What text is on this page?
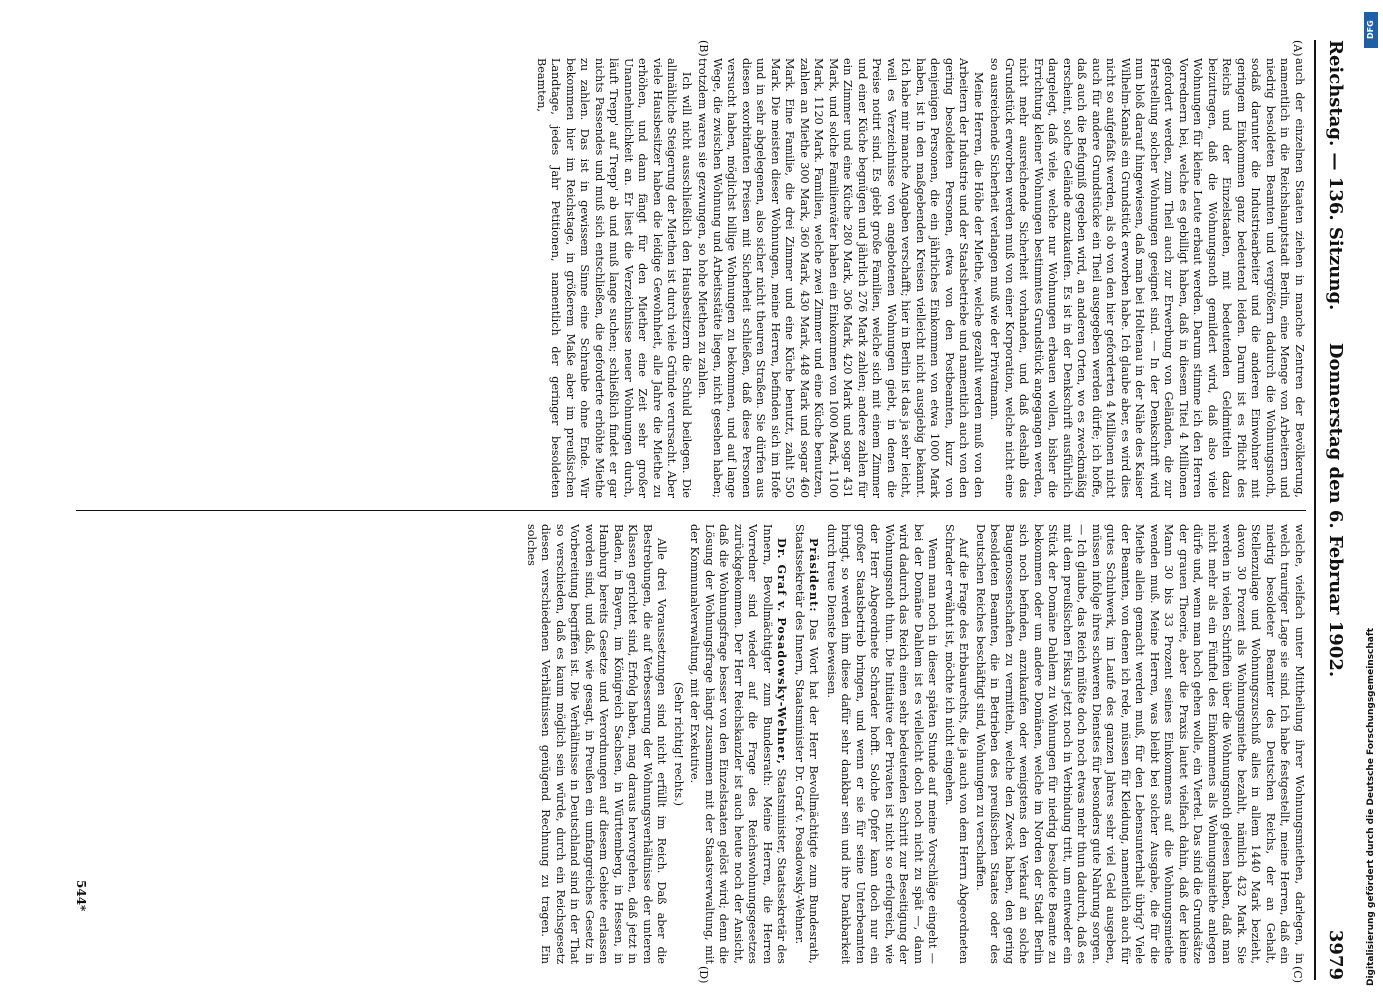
Reichstag. — 136. Sitzung.
Donnerstag den 6. Februar 1902.
3979
(A)
(B)
(C)
(D)

auch der einzelnen Staaten ziehen in manche Zentren der Bevölkerung, namentlich in die Reichshauptstadt Berlin, eine Menge von Arbeitern und niedrig besoldeten Beamten und vergrößern dadurch die Wohnungsnoth, sodaß darunter die Industriearbeiter und die anderen Einwohner mit geringem Einkommen ganz bedeutend leiden. Darum ist es Pflicht des Reichs und der Einzelstaaten, mit bedeutenden Geldmitteln dazu beizutragen, daß die Wohnungsnoth gemildert wird, daß also viele Wohnungen für kleine Leute erbaut werden. Darum stimme ich den Herren Vorrednern bei, welche es gebilligt haben, daß in diesem Titel 4 Millionen gefordert werden, zum Theil auch zur Erwerbung von Geländen, die zur Herstellung solcher Wohnungen geeignet sind. — In der Denkschrift wird nun bloß darauf hingewiesen, daß man bei Holtenau in der Nähe des Kaiser Wilhelm-Kanals ein Grundstück erworben habe. Ich glaube aber, es wird dies nicht so aufgefaßt werden, als ob von den hier geforderten 4 Millionen nicht auch für andere Grundstücke ein Theil ausgegeben werden dürfe; ich hoffe, daß auch die Befugniß gegeben wird, an anderen Orten, wo es zweckmäßig erscheint, solche Gelände anzukaufen. Es ist in der Denkschrift ausführlich dargelegt, daß viele, welche nur Wohnungen erbauen wollen, bisher die Errichtung kleiner Wohnungen bestimmtes Grundstück angegangen werden, nicht mehr ausreichende Sicherheit vorhanden, und daß deshalb das Grundstück erworben werden muß von einer Korporation, welche nicht eine so ausreichende Sicherheit verlangen muß wie der Privatmann.

Meine Herren, die Höhe der Miethe, welche gezahlt werden muß von den Arbeitern der Industrie und der Staatsbetriebe und namentlich auch von den gering besoldeten Personen, etwa von den Postbeamten, kurz von denjenigen Personen, die ein jährliches Einkommen von etwa 1000 Mark haben, ist in den maßgebenden Kreisen vielleicht nicht ausgiebig bekannt. Ich habe mir manche Angaben verschafft; hier in Berlin ist das ja sehr leicht, weil es Verzeichnisse von angebotenen Wohnungen giebt, in denen die Preise notirt sind. Es giebt große Familien, welche sich mit einem Zimmer und einer Küche begnügen und jährlich 276 Mark zahlen; andere zahlen für ein Zimmer und eine Küche 280 Mark, 306 Mark, 420 Mark und sogar 431 Mark, und solche Familienväter haben ein Einkommen von 1000 Mark, 1100 Mark, 1120 Mark. Familien, welche zwei Zimmer und eine Küche benutzen, zahlen an Miethe 300 Mark, 360 Mark, 430 Mark, 448 Mark und sogar 460 Mark. Eine Familie, die drei Zimmer und eine Küche benutzt, zahlt 550 Mark. Die meisten dieser Wohnungen, meine Herren, befinden sich im Hofe und in sehr abgelegenen, also sicher nicht theuren Straßen. Sie dürfen aus diesen exorbitanten Preisen mit Sicherheit schließen, daß diese Personen versucht haben, möglichst billige Wohnungen zu bekommen, und auf lange Wege, die zwischen Wohnung und Arbeitsstätte liegen, nicht gesehen haben; trotzdem waren sie gezwungen, so hohe Miethen zu zahlen.

Ich will nicht ausschließlich den Hausbesitzern die Schuld beilegen. Die allmähliche Steigerung der Miethen ist durch viele Gründe verursacht. Aber viele Hausbesitzer haben die leidige Gewohnheit, alle Jahre die Miethe zu erhöhen, und dann fängt für den Miether eine Zeit sehr großer Unannehmlichkeit an. Er liest die Verzeichnisse neuer Wohnungen durch, läuft Trepp' auf Trepp' ab und muß lange suchen; schließlich findet er gar nichts Passendes und muß sich entschließen, die geforderte erhöhte Miethe zu zahlen. Das ist in gewissem Sinne eine Schraube ohne Ende. Wir bekommen hier im Reichstage, in größerem Maße aber im preußischen Landtage, jedes Jahr Petitionen, namentlich der geringer besoldeten Beamten,

welche, vielfach unter Mittheilung ihrer Wohnungsmiethen, darlegen, in welch trauriger Lage sie sind. Ich habe festgestellt, meine Herren, daß ein niedrig besoldeter Beamter des Deutschen Reichs, der an Gehalt, Stellenzulage und Wohnungszuschuß alles in allem 1440 Mark bezieht, davon 30 Prozent als Wohnungsmiethe bezahlt, nämlich 432 Mark. Sie werden in vielen Schriften über die Wohnungsnoth gelesen haben, daß man nicht mehr als ein Fünftel des Einkommens als Wohnungsmiethe anlegen dürfe und, wenn man hoch gehen wolle, ein Viertel. Das sind die Grundsätze der grauen Theorie, aber die Praxis lautet vielfach dahin, daß der kleine Mann 30 bis 33 Prozent seines Einkommens auf die Wohnungsmiethe wenden muß. Meine Herren, was bleibt bei solcher Ausgabe, die für die Miethe allein gemacht werden muß, für den Lebensunterhalt übrig? Viele der Beamten, von denen ich rede, müssen für Kleidung, namentlich auch für gutes Schuhwerk, im Laufe des ganzen Jahres sehr viel Geld ausgeben, müssen infolge ihres schweren Dienstes für besonders gute Nahrung sorgen. — Ich glaube, das Reich müßte doch noch etwas mehr thun dadurch, daß es mit dem preußischen Fiskus jetzt noch in Verbindung tritt, um entweder ein Stück der Domäne Dahlem zu Wohnungen für niedrig besoldete Beamte zu bekommen oder um andere Domänen, welche im Norden der Stadt Berlin sich noch befinden, anzukaufen oder wenigstens den Verkauf an solche Baugenossenschaften zu vermitteln, welche den Zweck haben, den gering besoldeten Beamten, die in Betrieben des preußischen Staates oder des Deutschen Reiches beschäftigt sind, Wohnungen zu verschaffen.

Auf die Frage des Erbbaurechts, die ja auch von dem Herrn Abgeordneten Schrader erwähnt ist, möchte ich nicht eingehen.

Wenn man noch in dieser späten Stunde auf meine Vorschläge eingeht — bei der Domäne Dahlem ist es vielleicht doch noch nicht zu spät —, dann wird dadurch das Reich einen sehr bedeutenden Schritt zur Beseitigung der Wohnungsnoth thun. Die Initiative der Privaten ist nicht so erfolgreich, wie der Herr Abgeordnete Schrader hofft. Solche Opfer kann doch nur ein großer Staatsbetrieb bringen, und wenn er sie für seine Unterbeamten bringt, so werden ihm diese dafür sehr dankbar sein und ihre Dankbarkeit durch treue Dienste beweisen.

Präsident: Das Wort hat der Herr Bevollmächtigte zum Bundesrath, Staatssekretär des Innern, Staatsminister Dr. Graf v. Posadowsky-Wehner.

Dr. Graf v. Posadowsky-Wehner, Staatsminister, Staatssekretär des Innern, Bevollmächtigter zum Bundesrath: Meine Herren, die Herren Vorredner sind wieder auf die Frage des Reichswohnungsgesetzes zurückgekommen. Der Herr Reichskanzler ist auch heute noch der Ansicht, daß die Wohnungsfrage besser von den Einzelstaaten gelöst wird; denn die Lösung der Wohnungsfrage hängt zusammen mit der Staatsverwaltung, mit der Kommunalverwaltung, mit der Exekutive.

(Sehr richtig! rechts.)

Alle drei Voraussetzungen sind nicht erfüllt im Reich. Daß aber die Bestrebungen, die auf Verbesserung der Wohnungsverhältnisse der unteren Klassen gerichtet sind, Erfolg haben, mag daraus hervorgehen, daß jetzt in Baden, in Bayern, im Königreich Sachsen, in Württemberg, in Hessen, in Hamburg bereits Gesetze und Verordnungen auf diesem Gebiete erlassen worden sind, und daß, wie gesagt, in Preußen ein umfangreiches Gesetz in Vorbereitung begriffen ist. Die Verhältnisse in Deutschland sind in der That so verschieden, daß es kaum möglich sein würde, durch ein Reichsgesetz diesen verschiedenen Verhältnissen genügend Rechnung zu tragen. Ein solches

544*
DFG
Digitalisierung gefördert durch die Deutsche Forschungsgemeinschaft
